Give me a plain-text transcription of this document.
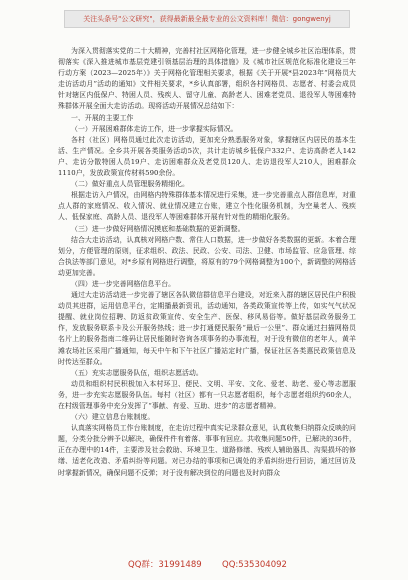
关注头条号"公文研究"，获得最新最全最专业的公文资料库！微信：gongwenyj

为深入贯彻落实党的二十大精神，完善村社区网格化管理，进一步健全城乡社区治理体系，贯彻落实《深入推进城市基层党建引领基层治理的具体措施》及《城市社区规范化标准化建设三年行动方案（2023—2025年）》关于网格化管理相关要求，根据《关于开展*县2023年“网格员大走访活动月”活动的通知》文件相关要求，*乡认真部署，组织各村网格员、志愿者、村委会成员针对辖区内低保户、特困人员、残疾人、留守儿童、高龄老人、困难老党员、退役军人等困难特殊群体开展全面大走访活动。现将活动开展情况总结如下：

一、开展的主要工作

（一）开展困难群体走访工作，进一步掌握实际情况。

各村（社区）网格员通过此次走访活动，更加充分熟悉服务对象，掌握辖区内居民的基本生活、生产情况。全乡共开展各类服务活动5次，共计走访城乡低保户332户、走访高龄老人142户、走访分散特困人员19户、走访困难群众及老党员120人、走访退役军人210人，困难群众1110户，发放政策宣传材料590余份。

（二）做好重点人员管理服务精细化。

根据走访入户情况，由网格内特殊群体基本情况进行采集，进一步完善重点人群信息库，对重点人群的家庭情况、收入情况、就业情况建立台账，建立个性化服务机制，为空巢老人、残疾人、低保家庭、高龄人员、退役军人等困难群体开展有针对性的精细化服务。

（三）进一步做好网格情况摸底和基础数据的更新调整。

结合大走访活动，认真核对网格户数、常住人口数据，进一步做好各类数据的更新。本着合理划分，方便管理的原则，征求组织、政法、民政、公安、司法、卫健、市场监管、应急管理、综合执法等部门意见，对*乡原有网格进行调整，将原有的79个网格调整为100个，新调整的网格活动更加完善。

（四）进一步完善网格信息平台。

通过大走访活动进一步完善了辖区各队微信群信息平台建设，对近来入群的辖区居民住户积极动员其进群，运用信息平台，定期播最新资讯，活动通知，各类政策宣传等上传，如实气气状况提醒、就业岗位招聘、防返贫政策宣传、安全生产、医保、移风易俗等。做好基层政务服务工作，发放服务联系卡及公开服务热线；进一步打通便民服务“最后一公里”、群众通过扫描网格员名片上的服务指南二维码让居民能随时咨询各项事务的办事流程，对于没有微信的老年人，黄羊滩农场社区采用广播通知，每天中午和下午社区广播站定时广播，保证社区各类惠民政策信息及时传达至群众。

（五）充实志愿服务队伍，组织志愿活动。

动员和组织村民积极加入本村环卫、便民、文明、平安、文化、爱老、助老、爱心等志愿服务，进一步充实志愿服务队伍。每村（社区）都有一只志愿者组织，每个志愿者组织约60余人，在村级管理事务中充分发挥了“事献、有爱、互助、进步”的志愿者精神。

（六）建立信息台账制度。

认真落实网格员工作台账制度，在走访过程中真实记录群众意见，认真收集归纳群众反映的问题，分类分批分辨予以解决，确保件件有着落、事事有回应。共收集问题50件，已解决的36件，正在办理中的14件，主要涉及社会救助、环境卫生、道路修缮、残疾人辅助器具、沟渠损坏的修缮、适老化改造、矛盾纠纷等问题。对已办结的事项和已调处的矛盾纠纷进行回访，通过回访及时掌握新情况，确保问题不反弹；对于没有解决到位的问题也及时向群众

QQ群：31991489 QQ:535304092
